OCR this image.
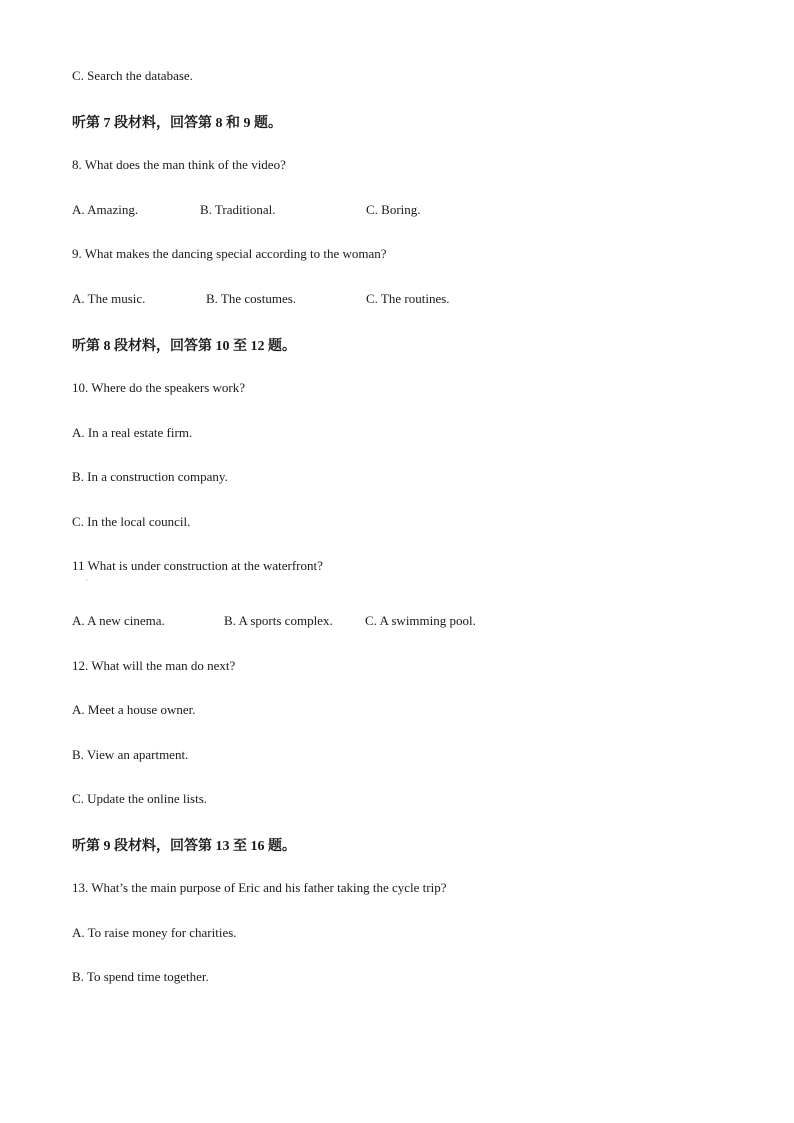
C. Search the database.
听第 7 段材料，回答第 8 和 9 题。
8. What does the man think of the video?
A. Amazing.	B. Traditional.	C. Boring.
9. What makes the dancing special according to the woman?
A. The music.	B. The costumes.	C. The routines.
听第 8 段材料，回答第 10 至 12 题。
10. Where do the speakers work?
A. In a real estate firm.
B. In a construction company.
C. In the local council.
11 What is under construction at the waterfront?
·
A. A new cinema.	B. A sports complex. C. A swimming pool.
12. What will the man do next?
A. Meet a house owner.
B. View an apartment.
C. Update the online lists.
听第 9 段材料，回答第 13 至 16 题。
13. What’s the main purpose of Eric and his father taking the cycle trip?
A. To raise money for charities.
B. To spend time together.
